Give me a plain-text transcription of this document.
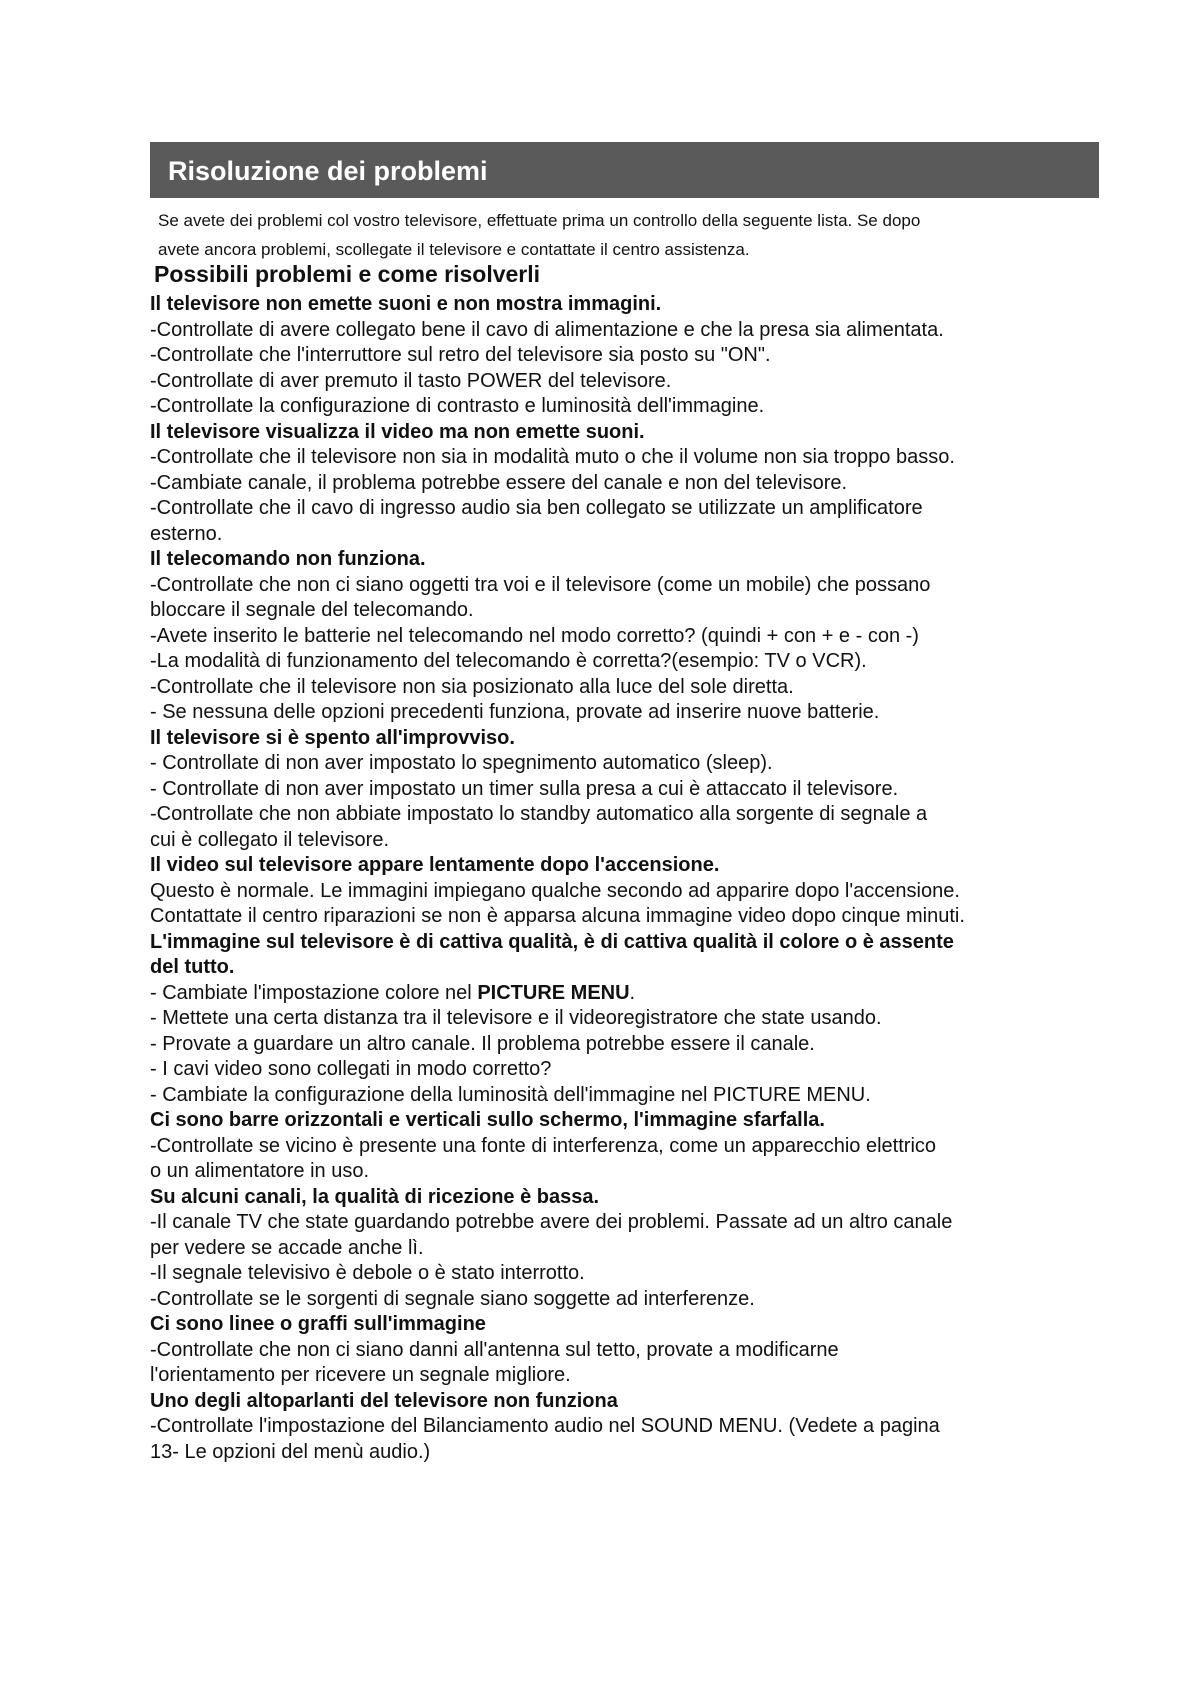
Risoluzione dei problemi

Se avete dei problemi col vostro televisore, effettuate prima un controllo della seguente lista. Se dopo

avete ancora problemi, scollegate il televisore e contattate il centro assistenza.

Possibili problemi e come risolverli

Il televisore non emette suoni e non mostra immagini.

-Controllate di avere collegato bene il cavo di alimentazione e che la presa sia alimentata.

-Controllate che l'interruttore sul retro del televisore sia posto su "ON".

-Controllate di aver premuto il tasto POWER del televisore.

-Controllate la configurazione di contrasto e luminosità dell'immagine.

Il televisore visualizza il video ma non emette suoni.

-Controllate che il televisore non sia in modalità muto o che il volume non sia troppo basso.

-Cambiate canale, il problema potrebbe essere del canale e non del televisore.

-Controllate che il cavo di ingresso audio sia ben collegato se utilizzate un amplificatore

esterno.

Il telecomando non funziona.

-Controllate che non ci siano oggetti tra voi e il televisore (come un mobile) che possano

bloccare il segnale del telecomando.

-Avete inserito le batterie nel telecomando nel modo corretto? (quindi + con + e - con -)

-La modalità di funzionamento del telecomando è corretta?(esempio: TV o VCR).

-Controllate che il televisore non sia posizionato alla luce del sole diretta.

- Se nessuna delle opzioni precedenti funziona, provate ad inserire nuove batterie.

Il televisore si è spento all'improvviso.

- Controllate di non aver impostato lo spegnimento automatico (sleep).

- Controllate di non aver impostato un timer sulla presa a cui è attaccato il televisore.

-Controllate che non abbiate impostato lo standby automatico alla sorgente di segnale a

cui è collegato il televisore.

Il video sul televisore appare lentamente dopo l'accensione.

Questo è normale. Le immagini impiegano qualche secondo ad apparire dopo l'accensione.

Contattate il centro riparazioni se non è apparsa alcuna immagine video dopo cinque minuti.

L'immagine sul televisore è di cattiva qualità, è di cattiva qualità il colore o è assente

del tutto.

- Cambiate l'impostazione colore nel PICTURE MENU.

- Mettete una certa distanza tra il televisore e il videoregistratore che state usando.

- Provate a guardare un altro canale. Il problema potrebbe essere il canale.

- I cavi video sono collegati in modo corretto?

- Cambiate la configurazione della luminosità dell'immagine nel PICTURE MENU.

Ci sono barre orizzontali e verticali sullo schermo, l'immagine sfarfalla.

-Controllate se vicino è presente una fonte di interferenza, come un apparecchio elettrico

o un alimentatore in uso.

Su alcuni canali, la qualità di ricezione è bassa.

-Il canale TV che state guardando potrebbe avere dei problemi. Passate ad un altro canale

per vedere se accade anche lì.

-Il segnale televisivo è debole o è stato interrotto.

-Controllate se le sorgenti di segnale siano soggette ad interferenze.

Ci sono linee o graffi sull'immagine

-Controllate che non ci siano danni all'antenna sul tetto, provate a modificarne

l'orientamento per ricevere un segnale migliore.

Uno degli altoparlanti del televisore non funziona

-Controllate l'impostazione del Bilanciamento audio nel SOUND MENU. (Vedete a pagina

13- Le opzioni del menù audio.)
